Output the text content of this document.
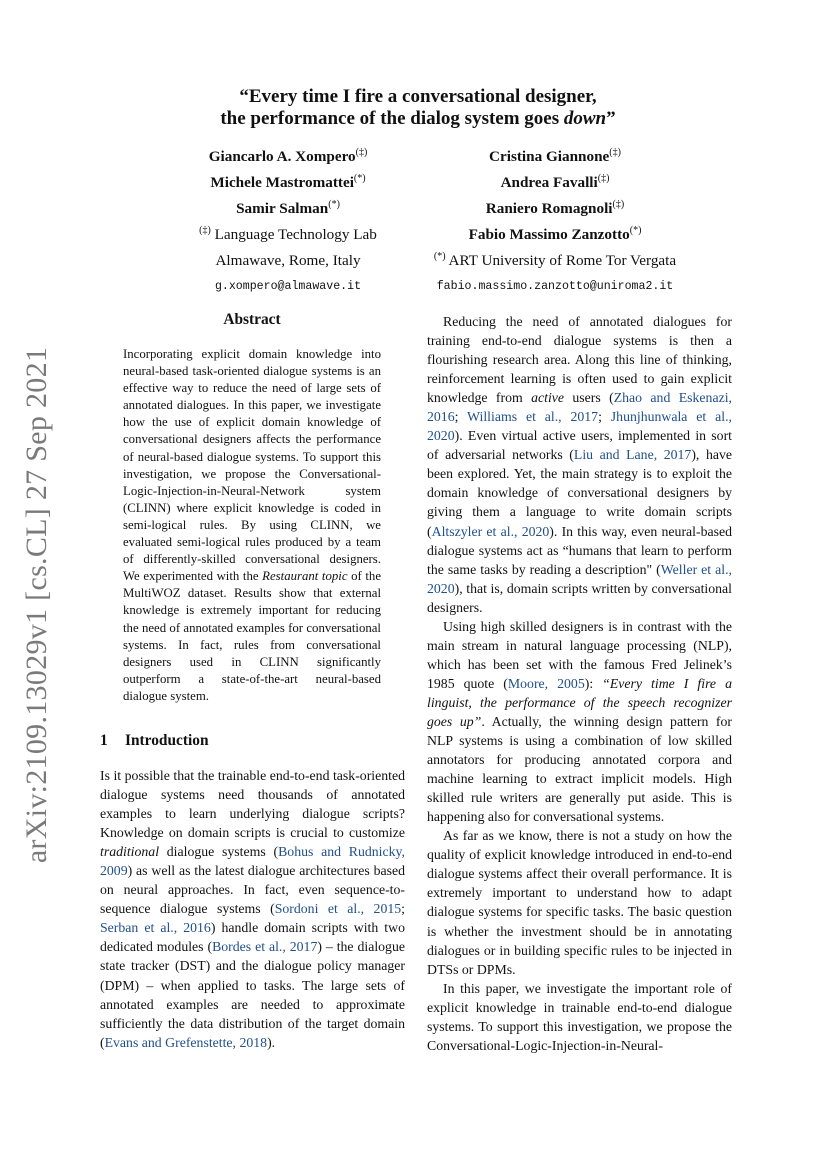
arXiv:2109.13029v1 [cs.CL] 27 Sep 2021
“Every time I fire a conversational designer,
the performance of the dialog system goes down”
Giancarlo A. Xompero(‡)
Michele Mastromattei(*)
Samir Salman(*)
(‡) Language Technology Lab
Almawave, Rome, Italy
g.xompero@almawave.it
Cristina Giannone(‡)
Andrea Favalli(‡)
Raniero Romagnoli(‡)
Fabio Massimo Zanzotto(*)
(*) ART University of Rome Tor Vergata
fabio.massimo.zanzotto@uniroma2.it
Abstract

Incorporating explicit domain knowledge into neural-based task-oriented dialogue systems is an effective way to reduce the need of large sets of annotated dialogues. In this paper, we investigate how the use of explicit domain knowledge of conversational designers affects the performance of neural-based dialogue systems. To support this investigation, we propose the Conversational-Logic-Injection-in-Neural-Network system (CLINN) where explicit knowledge is coded in semi-logical rules. By using CLINN, we evaluated semi-logical rules produced by a team of differently-skilled conversational designers. We experimented with the Restaurant topic of the MultiWOZ dataset. Results show that external knowledge is extremely important for reducing the need of annotated examples for conversational systems. In fact, rules from conversational designers used in CLINN significantly outperform a state-of-the-art neural-based dialogue system.

1 Introduction

Is it possible that the trainable end-to-end task-oriented dialogue systems need thousands of annotated examples to learn underlying dialogue scripts? Knowledge on domain scripts is crucial to customize traditional dialogue systems (Bohus and Rudnicky, 2009) as well as the latest dialogue architectures based on neural approaches. In fact, even sequence-to-sequence dialogue systems (Sordoni et al., 2015; Serban et al., 2016) handle domain scripts with two dedicated modules (Bordes et al., 2017) – the dialogue state tracker (DST) and the dialogue policy manager (DPM) – when applied to tasks. The large sets of annotated examples are needed to approximate sufficiently the data distribution of the target domain (Evans and Grefenstette, 2018).

Reducing the need of annotated dialogues for training end-to-end dialogue systems is then a flourishing research area. Along this line of thinking, reinforcement learning is often used to gain explicit knowledge from active users (Zhao and Eskenazi, 2016; Williams et al., 2017; Jhunjhunwala et al., 2020). Even virtual active users, implemented in sort of adversarial networks (Liu and Lane, 2017), have been explored. Yet, the main strategy is to exploit the domain knowledge of conversational designers by giving them a language to write domain scripts (Altszyler et al., 2020). In this way, even neural-based dialogue systems act as “humans that learn to perform the same tasks by reading a description" (Weller et al., 2020), that is, domain scripts written by conversational designers.

Using high skilled designers is in contrast with the main stream in natural language processing (NLP), which has been set with the famous Fred Jelinek’s 1985 quote (Moore, 2005): “Every time I fire a linguist, the performance of the speech recognizer goes up”. Actually, the winning design pattern for NLP systems is using a combination of low skilled annotators for producing annotated corpora and machine learning to extract implicit models. High skilled rule writers are generally put aside. This is happening also for conversational systems.

As far as we know, there is not a study on how the quality of explicit knowledge introduced in end-to-end dialogue systems affect their overall performance. It is extremely important to understand how to adapt dialogue systems for specific tasks. The basic question is whether the investment should be in annotating dialogues or in building specific rules to be injected in DTSs or DPMs.

In this paper, we investigate the important role of explicit knowledge in trainable end-to-end dialogue systems. To support this investigation, we propose the Conversational-Logic-Injection-in-Neural-
